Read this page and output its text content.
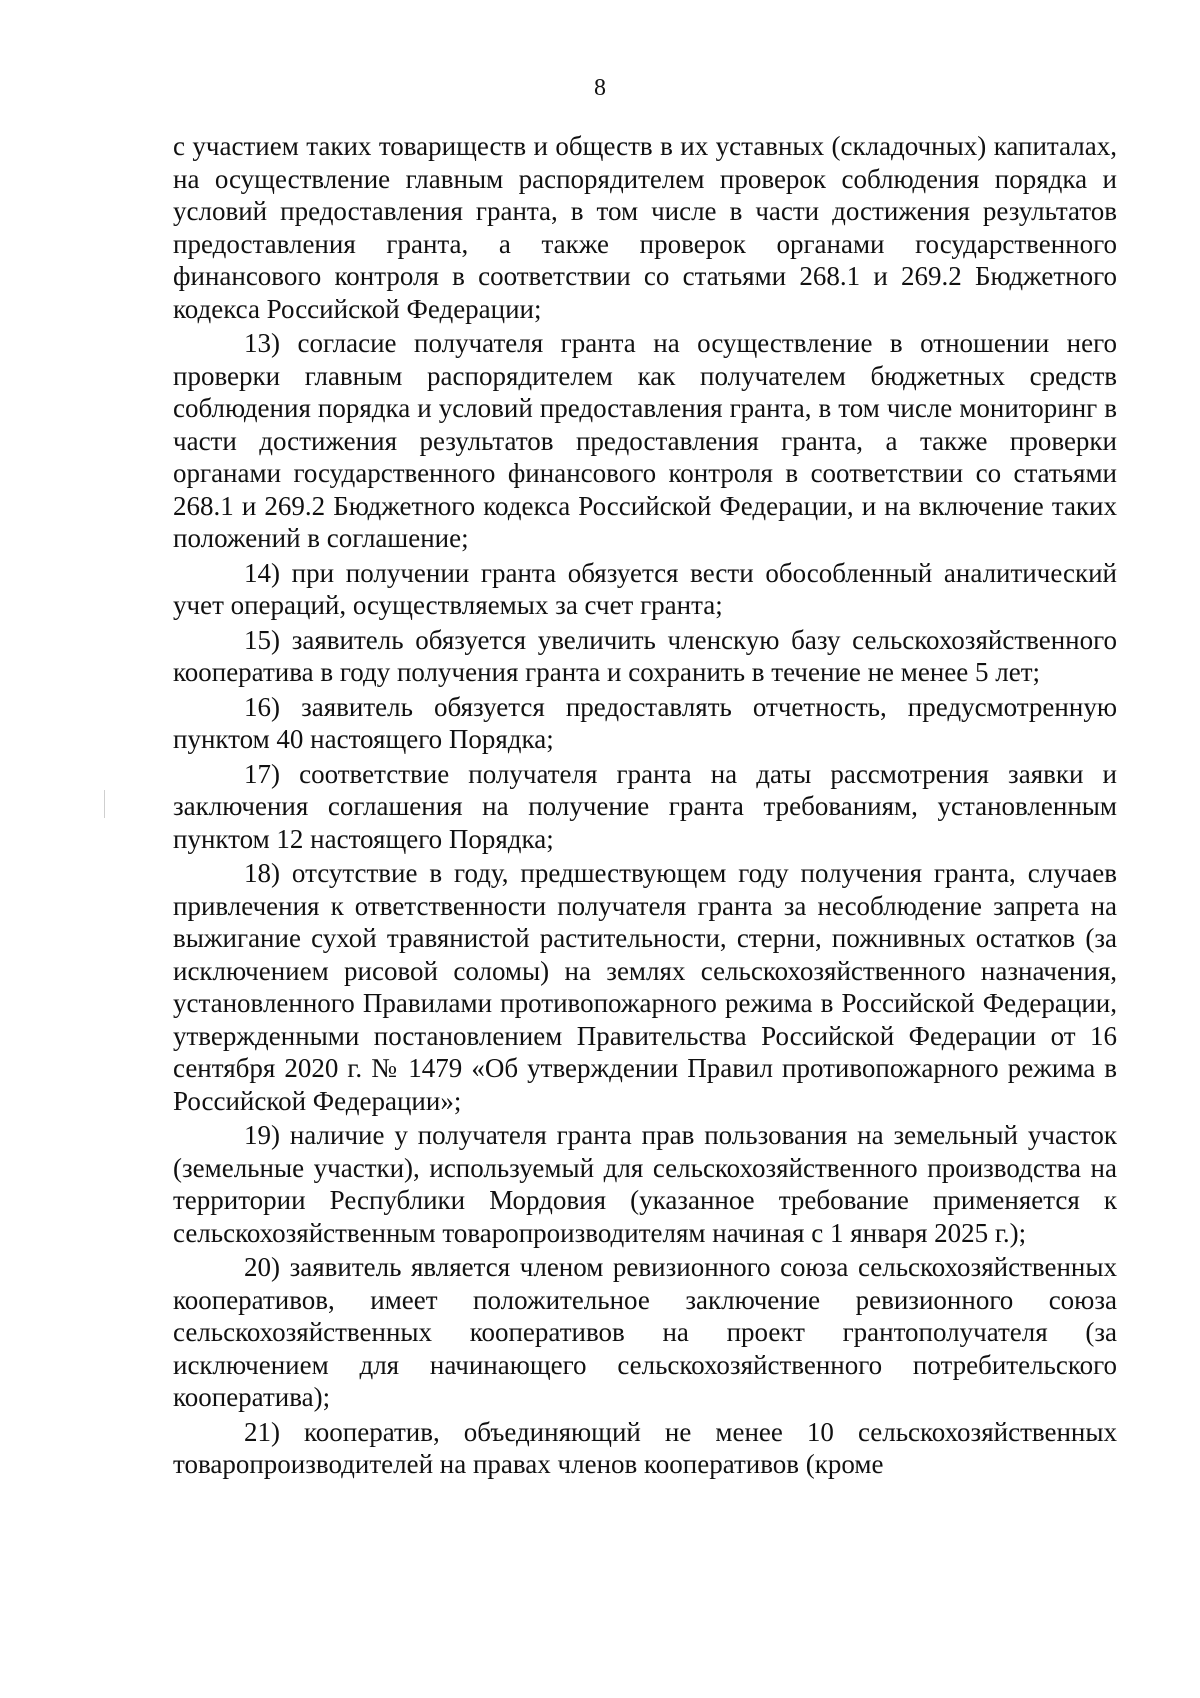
8

с участием таких товариществ и обществ в их уставных (складочных) капиталах, на осуществление главным распорядителем проверок соблюдения порядка и условий предоставления гранта, в том числе в части достижения результатов предоставления гранта, а также проверок органами государственного финансового контроля в соответствии со статьями 268.1 и 269.2 Бюджетного кодекса Российской Федерации;

13) согласие получателя гранта на осуществление в отношении него проверки главным распорядителем как получателем бюджетных средств соблюдения порядка и условий предоставления гранта, в том числе мониторинг в части достижения результатов предоставления гранта, а также проверки органами государственного финансового контроля в соответствии со статьями 268.1 и 269.2 Бюджетного кодекса Российской Федерации, и на включение таких положений в соглашение;

14) при получении гранта обязуется вести обособленный аналитический учет операций, осуществляемых за счет гранта;

15) заявитель обязуется увеличить членскую базу сельскохозяйственного кооператива в году получения гранта и сохранить в течение не менее 5 лет;

16) заявитель обязуется предоставлять отчетность, предусмотренную пунктом 40 настоящего Порядка;

17) соответствие получателя гранта на даты рассмотрения заявки и заключения соглашения на получение гранта требованиям, установленным пунктом 12 настоящего Порядка;

18) отсутствие в году, предшествующем году получения гранта, случаев привлечения к ответственности получателя гранта за несоблюдение запрета на выжигание сухой травянистой растительности, стерни, пожнивных остатков (за исключением рисовой соломы) на землях сельскохозяйственного назначения, установленного Правилами противопожарного режима в Российской Федерации, утвержденными постановлением Правительства Российской Федерации от 16 сентября 2020 г. № 1479 «Об утверждении Правил противопожарного режима в Российской Федерации»;

19) наличие у получателя гранта прав пользования на земельный участок (земельные участки), используемый для сельскохозяйственного производства на территории Республики Мордовия (указанное требование применяется к сельскохозяйственным товаропроизводителям начиная с 1 января 2025 г.);

20) заявитель является членом ревизионного союза сельскохозяйственных кооперативов, имеет положительное заключение ревизионного союза сельскохозяйственных кооперативов на проект грантополучателя (за исключением для начинающего сельскохозяйственного потребительского кооператива);

21) кооператив, объединяющий не менее 10 сельскохозяйственных товаропроизводителей на правах членов кооперативов (кроме
